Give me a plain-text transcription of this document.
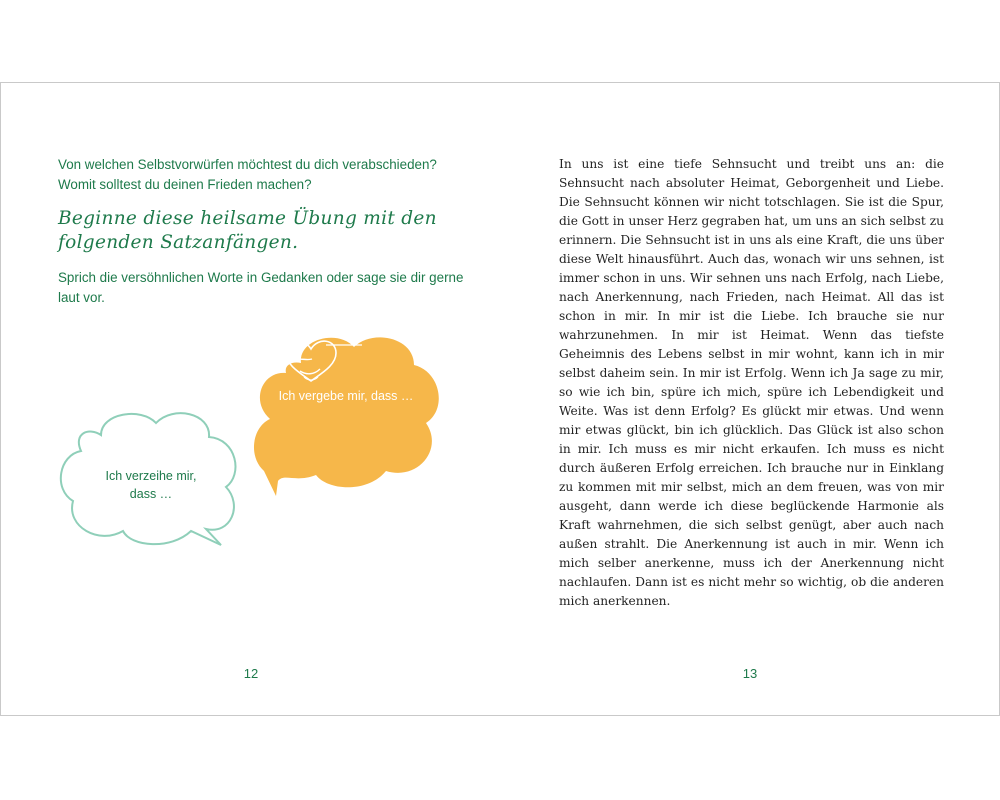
Von welchen Selbstvorwürfen möchtest du dich verabschieden? Womit solltest du deinen Frieden machen?

Beginne diese heilsame Übung mit den folgenden Satzanfängen.

Sprich die versöhnlichen Worte in Gedanken oder sage sie dir gerne laut vor.

Ich verzeihe mir, dass …

Ich vergebe mir, dass …

12

In uns ist eine tiefe Sehnsucht und treibt uns an: die Sehnsucht nach absoluter Heimat, Geborgenheit und Liebe. Die Sehnsucht können wir nicht totschlagen. Sie ist die Spur, die Gott in unser Herz gegraben hat, um uns an sich selbst zu erinnern. Die Sehnsucht ist in uns als eine Kraft, die uns über diese Welt hinausführt. Auch das, wonach wir uns sehnen, ist immer schon in uns. Wir sehnen uns nach Erfolg, nach Liebe, nach Anerkennung, nach Frieden, nach Heimat. All das ist schon in mir. In mir ist die Liebe. Ich brauche sie nur wahrzunehmen. In mir ist Heimat. Wenn das tiefste Geheimnis des Lebens selbst in mir wohnt, kann ich in mir selbst daheim sein. In mir ist Erfolg. Wenn ich Ja sage zu mir, so wie ich bin, spüre ich mich, spüre ich Lebendigkeit und Weite. Was ist denn Erfolg? Es glückt mir etwas. Und wenn mir etwas glückt, bin ich glücklich. Das Glück ist also schon in mir. Ich muss es mir nicht erkaufen. Ich muss es nicht durch äußeren Erfolg erreichen. Ich brauche nur in Einklang zu kommen mit mir selbst, mich an dem freuen, was von mir ausgeht, dann werde ich diese beglückende Harmonie als Kraft wahrnehmen, die sich selbst genügt, aber auch nach außen strahlt. Die Anerkennung ist auch in mir. Wenn ich mich selber anerkenne, muss ich der Anerkennung nicht nachlaufen. Dann ist es nicht mehr so wichtig, ob die anderen mich anerkennen.

13
